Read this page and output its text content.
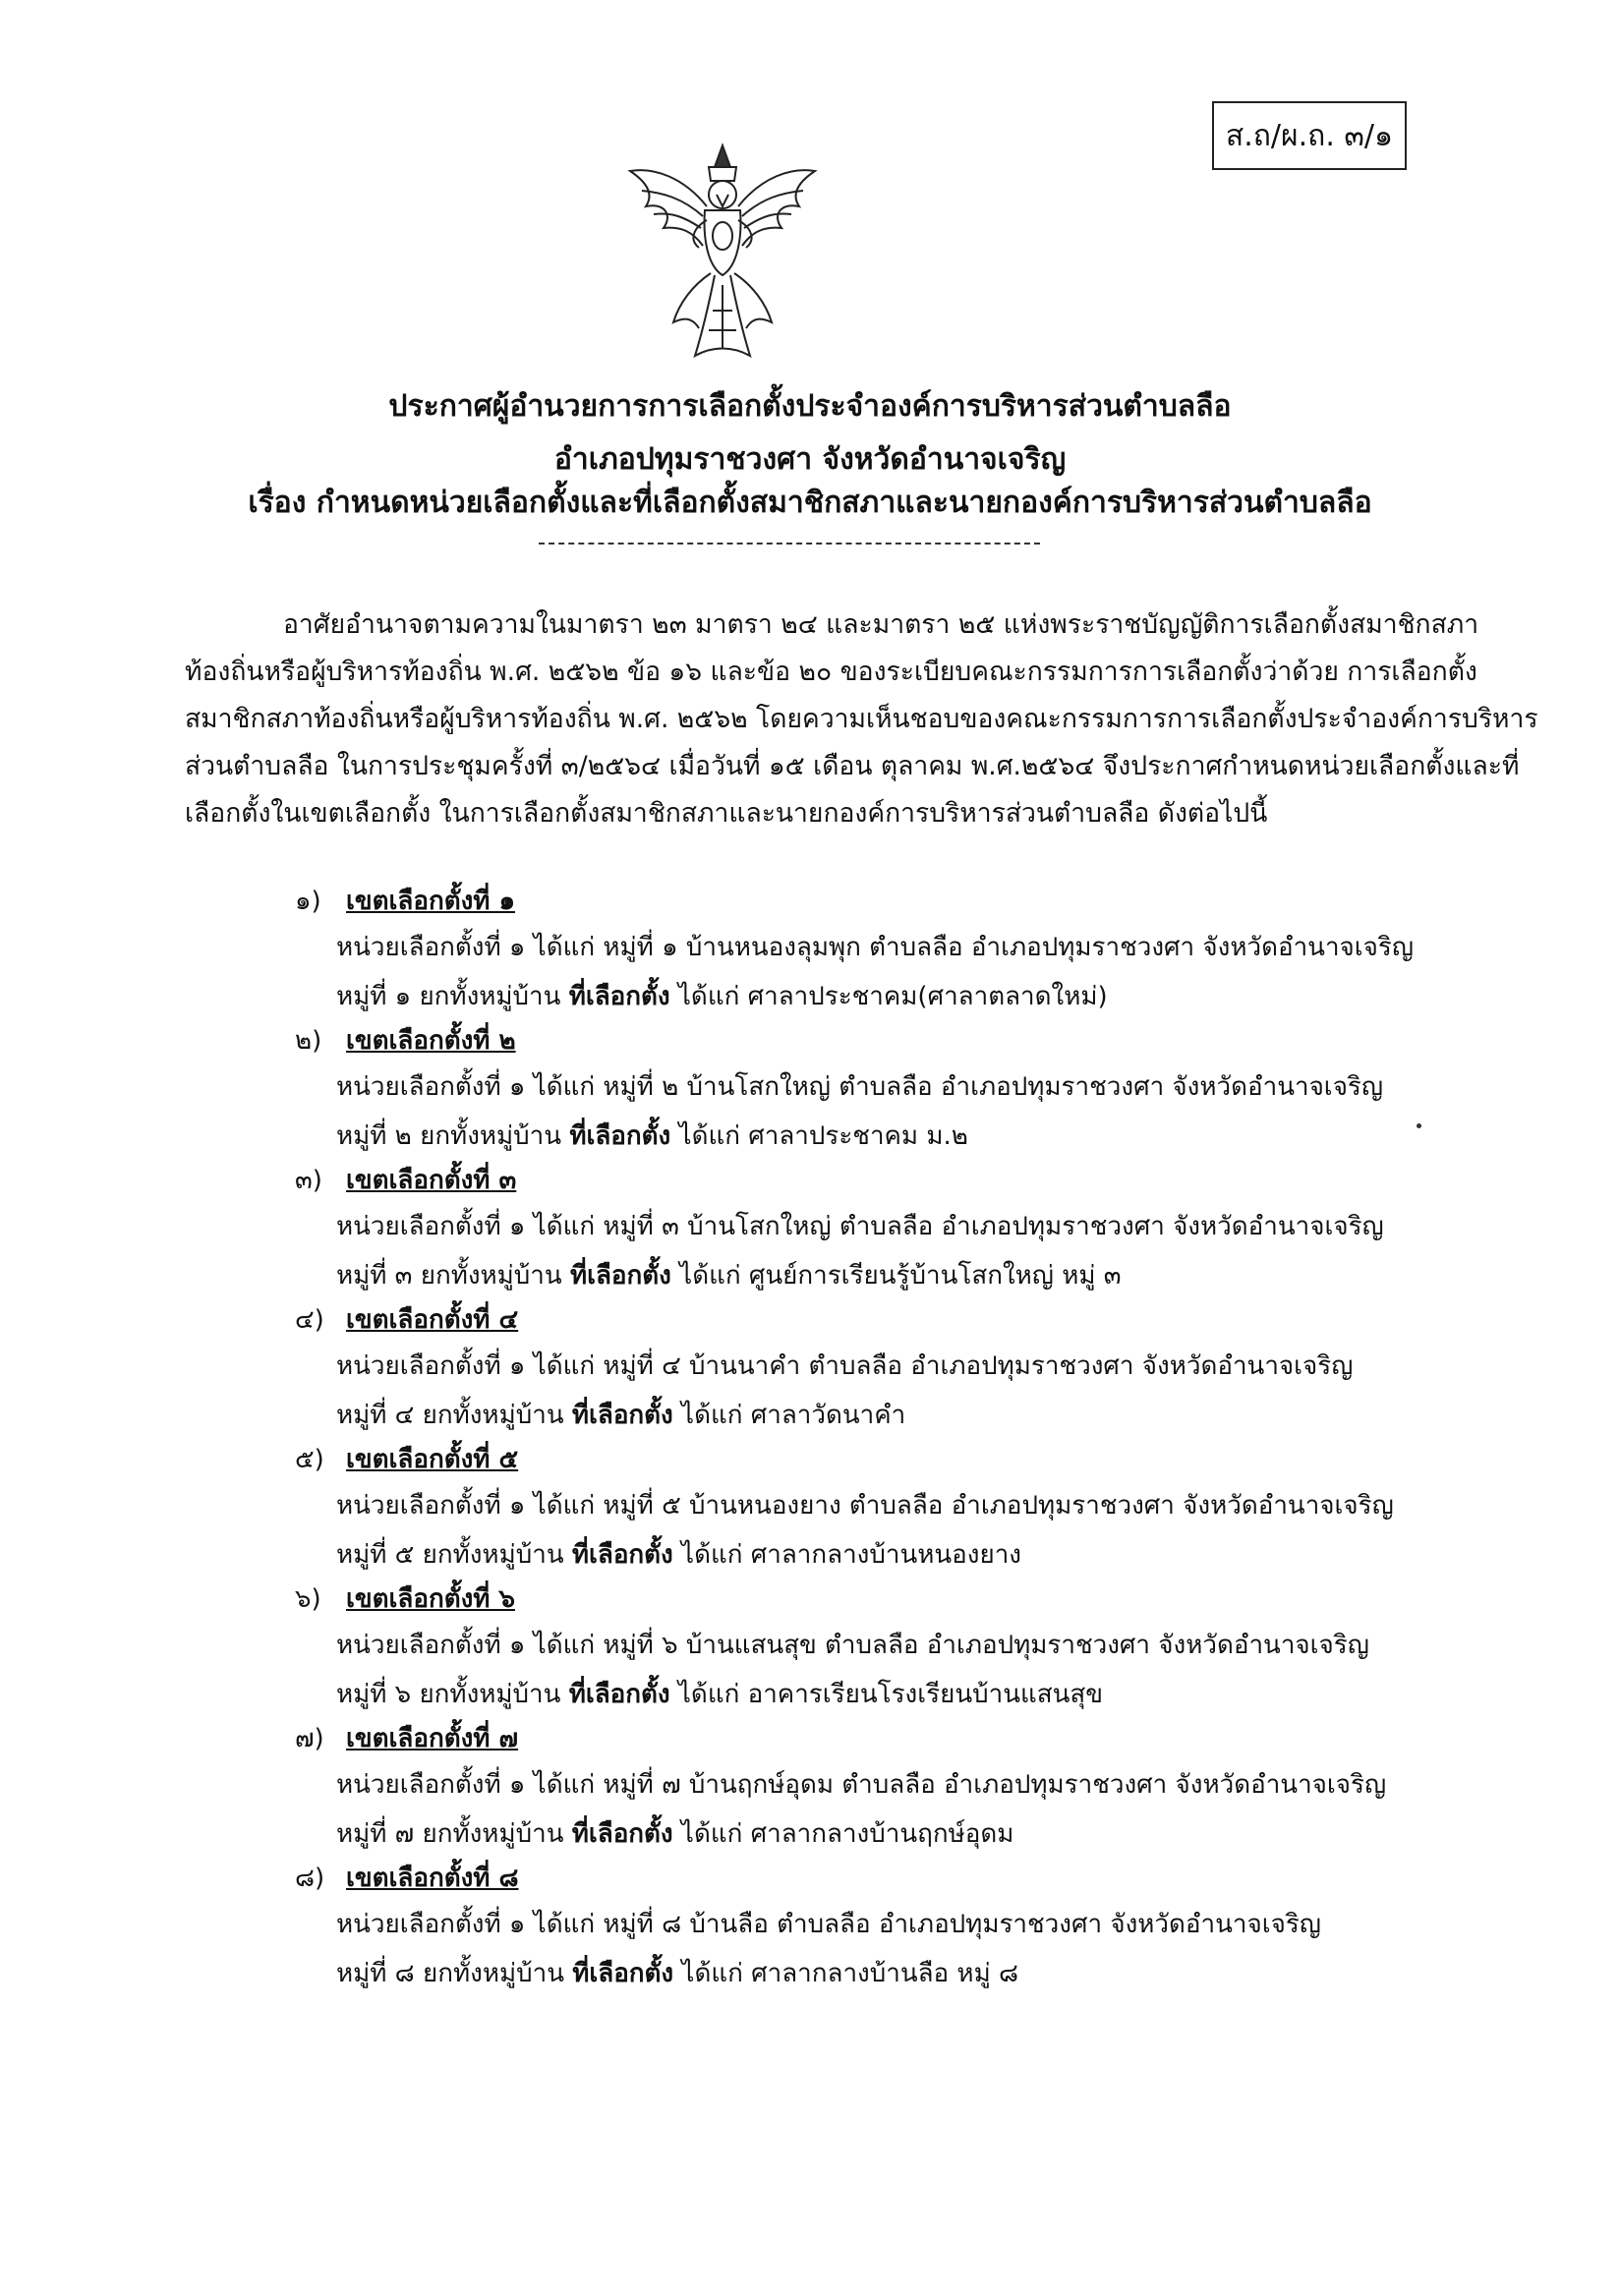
ส.ถ/ผ.ถ. ๓/๑
ประกาศผู้อำนวยการการเลือกตั้งประจำองค์การบริหารส่วนตำบลลือ
อำเภอปทุมราชวงศา จังหวัดอำนาจเจริญ
เรื่อง กำหนดหน่วยเลือกตั้งและที่เลือกตั้งสมาชิกสภาและนายกองค์การบริหารส่วนตำบลลือ
อาศัยอำนาจตามความในมาตรา ๒๓ มาตรา ๒๔ และมาตรา ๒๕ แห่งพระราชบัญญัติการเลือกตั้งสมาชิกสภา
ท้องถิ่นหรือผู้บริหารท้องถิ่น พ.ศ. ๒๕๖๒ ข้อ ๑๖ และข้อ ๒๐ ของระเบียบคณะกรรมการการเลือกตั้งว่าด้วย การเลือกตั้ง
สมาชิกสภาท้องถิ่นหรือผู้บริหารท้องถิ่น พ.ศ. ๒๕๖๒ โดยความเห็นชอบของคณะกรรมการการเลือกตั้งประจำองค์การบริหาร
ส่วนตำบลลือ ในการประชุมครั้งที่ ๓/๒๕๖๔ เมื่อวันที่ ๑๕ เดือน ตุลาคม พ.ศ.๒๕๖๔ จึงประกาศกำหนดหน่วยเลือกตั้งและที่
เลือกตั้งในเขตเลือกตั้ง ในการเลือกตั้งสมาชิกสภาและนายกองค์การบริหารส่วนตำบลลือ ดังต่อไปนี้
๑) เขตเลือกตั้งที่ ๑
หน่วยเลือกตั้งที่ ๑ ได้แก่ หมู่ที่ ๑ บ้านหนองลุมพุก ตำบลลือ อำเภอปทุมราชวงศา จังหวัดอำนาจเจริญ
หมู่ที่ ๑ ยกทั้งหมู่บ้าน ที่เลือกตั้ง ได้แก่ ศาลาประชาคม(ศาลาตลาดใหม่)
๒) เขตเลือกตั้งที่ ๒
หน่วยเลือกตั้งที่ ๑ ได้แก่ หมู่ที่ ๒ บ้านโสกใหญ่ ตำบลลือ อำเภอปทุมราชวงศา จังหวัดอำนาจเจริญ
หมู่ที่ ๒ ยกทั้งหมู่บ้าน ที่เลือกตั้ง ได้แก่ ศาลาประชาคม ม.๒
๓) เขตเลือกตั้งที่ ๓
หน่วยเลือกตั้งที่ ๑ ได้แก่ หมู่ที่ ๓ บ้านโสกใหญ่ ตำบลลือ อำเภอปทุมราชวงศา จังหวัดอำนาจเจริญ
หมู่ที่ ๓ ยกทั้งหมู่บ้าน ที่เลือกตั้ง ได้แก่ ศูนย์การเรียนรู้บ้านโสกใหญ่ หมู่ ๓
๔) เขตเลือกตั้งที่ ๔
หน่วยเลือกตั้งที่ ๑ ได้แก่ หมู่ที่ ๔ บ้านนาคำ ตำบลลือ อำเภอปทุมราชวงศา จังหวัดอำนาจเจริญ
หมู่ที่ ๔ ยกทั้งหมู่บ้าน ที่เลือกตั้ง ได้แก่ ศาลาวัดนาคำ
๕) เขตเลือกตั้งที่ ๕
หน่วยเลือกตั้งที่ ๑ ได้แก่ หมู่ที่ ๕ บ้านหนองยาง ตำบลลือ อำเภอปทุมราชวงศา จังหวัดอำนาจเจริญ
หมู่ที่ ๕ ยกทั้งหมู่บ้าน ที่เลือกตั้ง ได้แก่ ศาลากลางบ้านหนองยาง
๖) เขตเลือกตั้งที่ ๖
หน่วยเลือกตั้งที่ ๑ ได้แก่ หมู่ที่ ๖ บ้านแสนสุข ตำบลลือ อำเภอปทุมราชวงศา จังหวัดอำนาจเจริญ
หมู่ที่ ๖ ยกทั้งหมู่บ้าน ที่เลือกตั้ง ได้แก่ อาคารเรียนโรงเรียนบ้านแสนสุข
๗) เขตเลือกตั้งที่ ๗
หน่วยเลือกตั้งที่ ๑ ได้แก่ หมู่ที่ ๗ บ้านฤกษ์อุดม ตำบลลือ อำเภอปทุมราชวงศา จังหวัดอำนาจเจริญ
หมู่ที่ ๗ ยกทั้งหมู่บ้าน ที่เลือกตั้ง ได้แก่ ศาลากลางบ้านฤกษ์อุดม
๘) เขตเลือกตั้งที่ ๘
หน่วยเลือกตั้งที่ ๑ ได้แก่ หมู่ที่ ๘ บ้านลือ ตำบลลือ อำเภอปทุมราชวงศา จังหวัดอำนาจเจริญ
หมู่ที่ ๘ ยกทั้งหมู่บ้าน ที่เลือกตั้ง ได้แก่ ศาลากลางบ้านลือ หมู่ ๘
